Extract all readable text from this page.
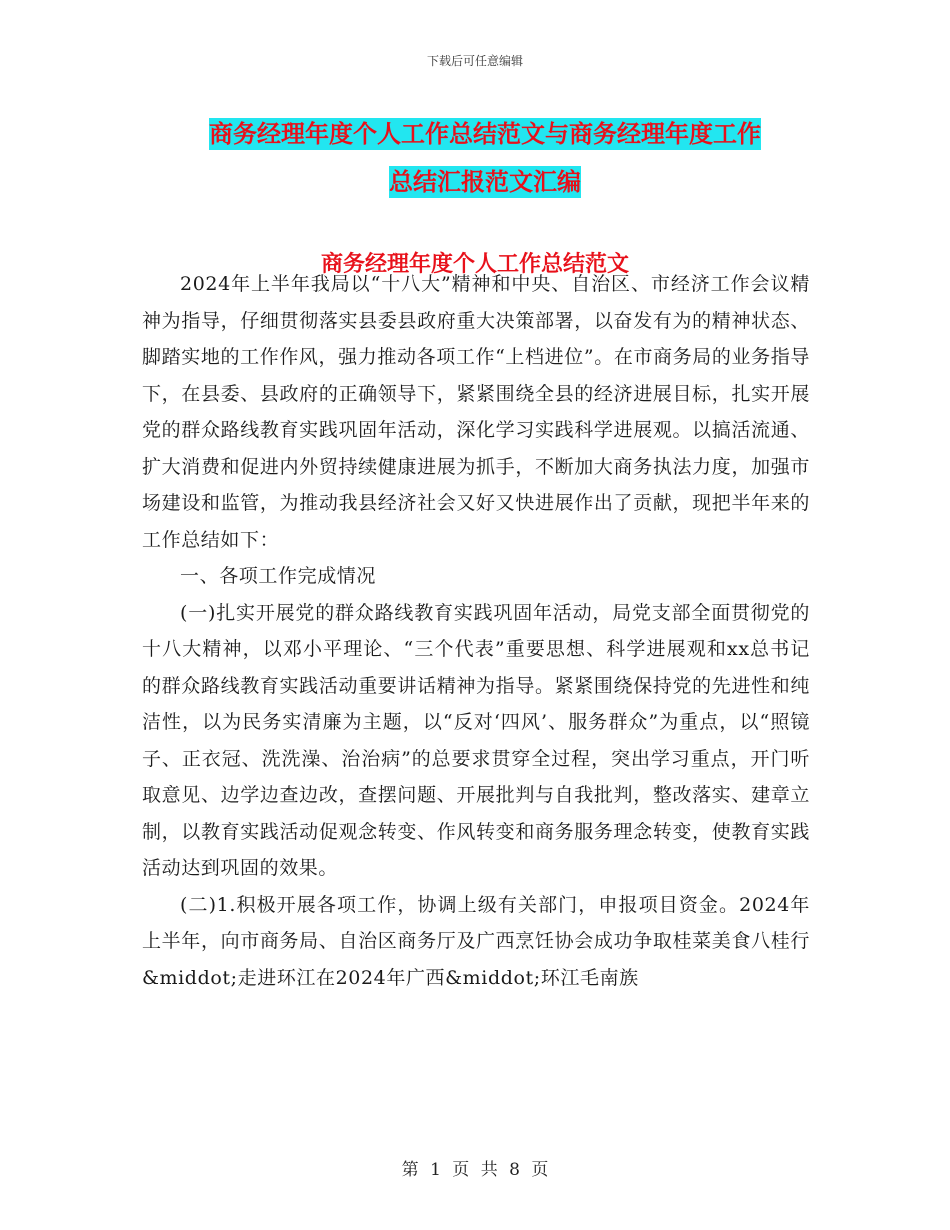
下载后可任意编辑
商务经理年度个人工作总结范文与商务经理年度工作
总结汇报范文汇编
商务经理年度个人工作总结范文

2024年上半年我局以“十八大”精神和中央、自治区、市经济工作会议精神为指导，仔细贯彻落实县委县政府重大决策部署，以奋发有为的精神状态、脚踏实地的工作作风，强力推动各项工作“上档进位”。在市商务局的业务指导下，在县委、县政府的正确领导下，紧紧围绕全县的经济进展目标，扎实开展党的群众路线教育实践巩固年活动，深化学习实践科学进展观。以搞活流通、扩大消费和促进内外贸持续健康进展为抓手，不断加大商务执法力度，加强市场建设和监管，为推动我县经济社会又好又快进展作出了贡献，现把半年来的工作总结如下：

一、各项工作完成情况

(一)扎实开展党的群众路线教育实践巩固年活动，局党支部全面贯彻党的十八大精神，以邓小平理论、“三个代表”重要思想、科学进展观和xx总书记的群众路线教育实践活动重要讲话精神为指导。紧紧围绕保持党的先进性和纯洁性，以为民务实清廉为主题，以“反对‘四风’、服务群众”为重点，以“照镜子、正衣冠、洗洗澡、治治病”的总要求贯穿全过程，突出学习重点，开门听取意见、边学边查边改，查摆问题、开展批判与自我批判，整改落实、建章立制，以教育实践活动促观念转变、作风转变和商务服务理念转变，使教育实践活动达到巩固的效果。

(二)1.积极开展各项工作，协调上级有关部门，申报项目资金。2024年上半年，向市商务局、自治区商务厅及广西烹饪协会成功争取桂菜美食八桂行&middot;走进环江在2024年广西&middot;环江毛南族

第 1 页 共 8 页
